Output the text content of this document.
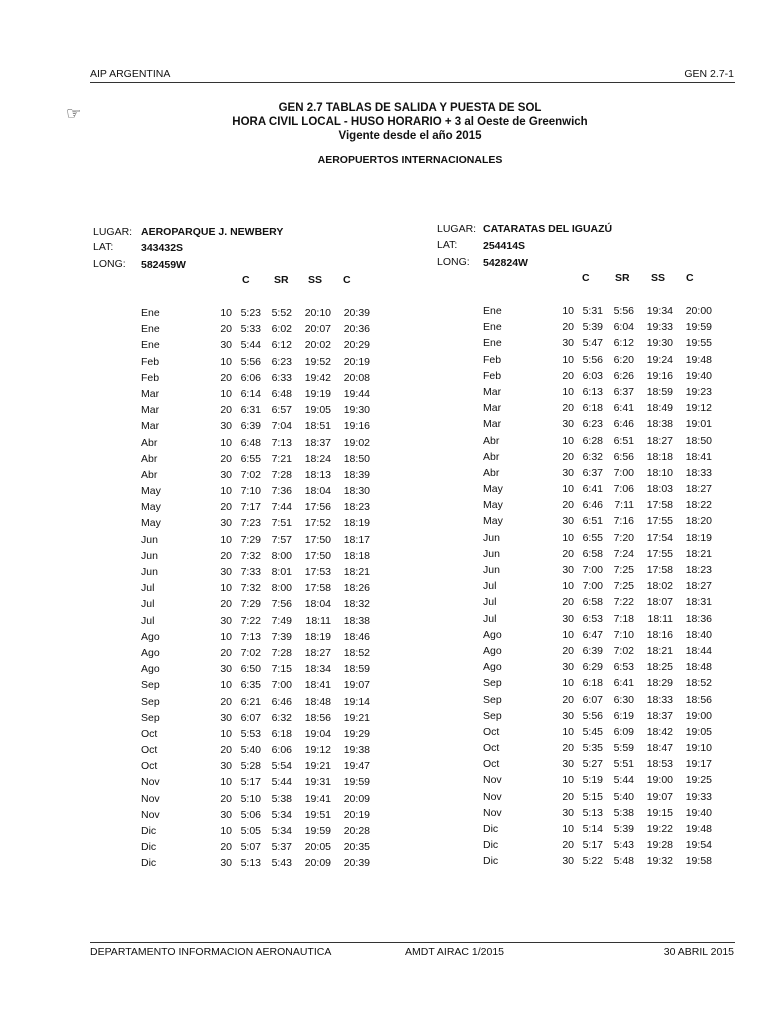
AIP ARGENTINA	GEN 2.7-1
☞	GEN 2.7 TABLAS DE SALIDA Y PUESTA DE SOL
HORA CIVIL LOCAL - HUSO HORARIO + 3 al Oeste de Greenwich
Vigente desde el año 2015
AEROPUERTOS INTERNACIONALES
LUGAR: AEROPARQUE J. NEWBERY
LAT:	343432S
LONG: 582459W
C SR SS C
Ene	10 5:23	5:52	20:10	20:39
Ene	20 5:33	6:02	20:07	20:36
Ene	30 5:44	6:12	20:02	20:29
Feb	10 5:56	6:23	19:52	20:19
Feb	20 6:06	6:33	19:42	20:08
Mar	10 6:14	6:48	19:19	19:44
Mar	20 6:31	6:57	19:05	19:30
Mar	30 6:39	7:04	18:51	19:16
Abr	10 6:48	7:13	18:37	19:02
Abr	20 6:55	7:21	18:24	18:50
Abr	30 7:02	7:28	18:13	18:39
May	10 7:10	7:36	18:04	18:30
May	20 7:17	7:44	17:56	18:23
May	30 7:23	7:51	17:52	18:19
Jun	10 7:29	7:57	17:50	18:17
Jun	20 7:32	8:00	17:50	18:18
Jun	30 7:33	8:01	17:53	18:21
Jul	10 7:32	8:00	17:58	18:26
Jul	20 7:29	7:56	18:04	18:32
Jul	30 7:22	7:49	18:11	18:38
Ago	10 7:13	7:39	18:19	18:46
Ago	20 7:02	7:28	18:27	18:52
Ago	30 6:50	7:15	18:34	18:59
Sep	10 6:35	7:00	18:41	19:07
Sep	20 6:21	6:46	18:48	19:14
Sep	30 6:07	6:32	18:56	19:21
Oct	10 5:53	6:18	19:04	19:29
Oct	20 5:40	6:06	19:12	19:38
Oct	30 5:28	5:54	19:21	19:47
Nov	10 5:17	5:44	19:31	19:59
Nov	20 5:10	5:38	19:41	20:09
Nov	30 5:06	5:34	19:51	20:19
Dic	10 5:05	5:34	19:59	20:28
Dic	20 5:07	5:37	20:05	20:35
Dic	30 5:13	5:43	20:09	20:39
LUGAR: CATARATAS DEL IGUAZÚ
LAT: 254414S
LONG: 542824W
C SR SS C
Ene	10 5:31	5:56	19:34	20:00
Ene	20 5:39	6:04	19:33	19:59
Ene	30 5:47	6:12	19:30	19:55
Feb	10 5:56	6:20	19:24	19:48
Feb	20 6:03	6:26	19:16	19:40
Mar	10 6:13	6:37	18:59	19:23
Mar	20 6:18	6:41	18:49	19:12
Mar	30 6:23	6:46	18:38	19:01
Abr	10 6:28	6:51	18:27	18:50
Abr	20 6:32	6:56	18:18	18:41
Abr	30 6:37	7:00	18:10	18:33
May	10 6:41	7:06	18:03	18:27
May	20 6:46	7:11	17:58	18:22
May	30 6:51	7:16	17:55	18:20
Jun	10 6:55	7:20	17:54	18:19
Jun	20 6:58	7:24	17:55	18:21
Jun	30 7:00	7:25	17:58	18:23
Jul	10 7:00	7:25	18:02	18:27
Jul	20 6:58	7:22	18:07	18:31
Jul	30 6:53	7:18	18:11	18:36
Ago	10 6:47	7:10	18:16	18:40
Ago	20 6:39	7:02	18:21	18:44
Ago	30 6:29	6:53	18:25	18:48
Sep	10 6:18	6:41	18:29	18:52
Sep	20 6:07	6:30	18:33	18:56
Sep	30 5:56	6:19	18:37	19:00
Oct	10 5:45	6:09	18:42	19:05
Oct	20 5:35	5:59	18:47	19:10
Oct	30 5:27	5:51	18:53	19:17
Nov	10 5:19	5:44	19:00	19:25
Nov	20 5:15	5:40	19:07	19:33
Nov	30 5:13	5:38	19:15	19:40
Dic	10 5:14	5:39	19:22	19:48
Dic	20 5:17	5:43	19:28	19:54
Dic	30 5:22	5:48	19:32	19:58
DEPARTAMENTO INFORMACION AERONAUTICA	AMDT AIRAC 1/2015	30 ABRIL 2015
